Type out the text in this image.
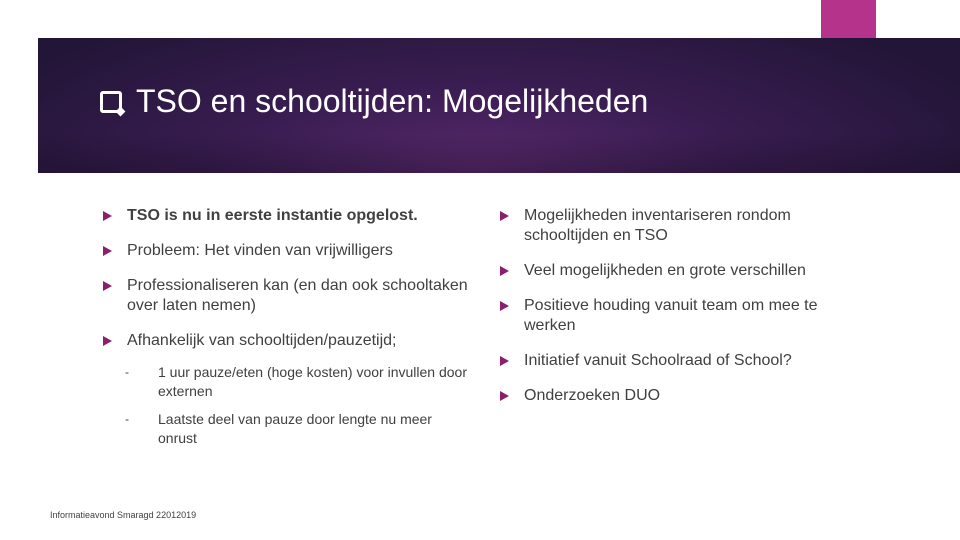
TSO en schooltijden: Mogelijkheden
TSO is nu in eerste instantie opgelost.
Probleem: Het vinden van vrijwilligers
Professionaliseren kan (en dan ook schooltaken over laten nemen)
Afhankelijk van schooltijden/pauzetijd;
- 1 uur pauze/eten (hoge kosten) voor invullen door externen
- Laatste deel van pauze door lengte nu meer onrust
Mogelijkheden inventariseren rondom schooltijden en TSO
Veel mogelijkheden en grote verschillen
Positieve houding vanuit team om mee te werken
Initiatief vanuit Schoolraad of School?
Onderzoeken DUO
Informatieavond Smaragd 22012019
